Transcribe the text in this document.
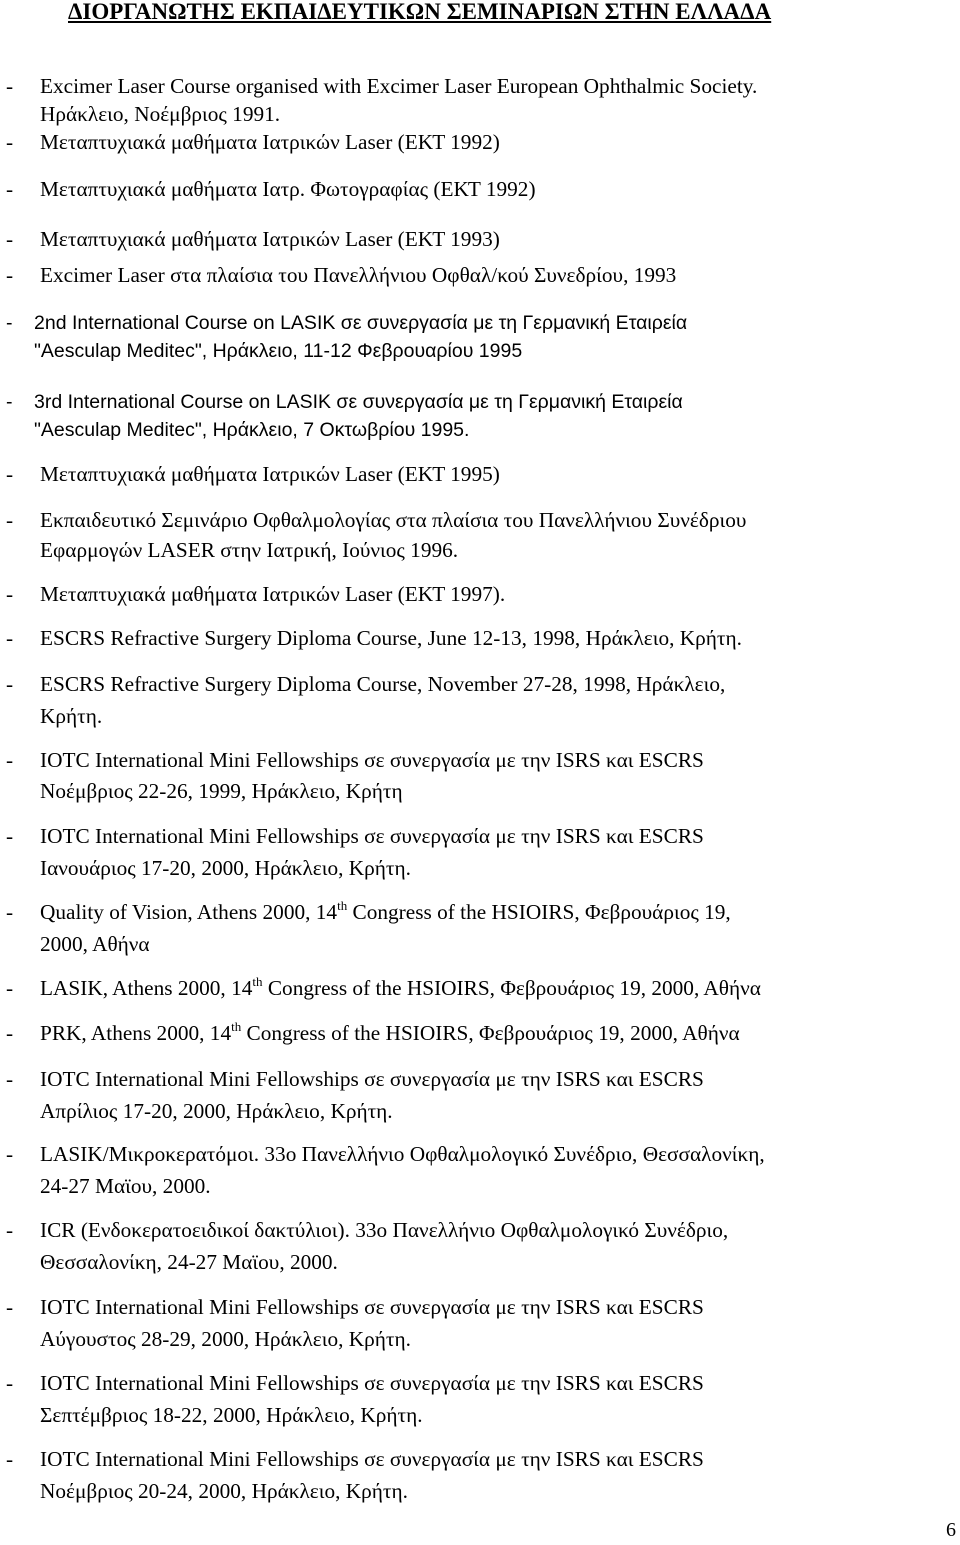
ΔΙΟΡΓΑΝΩΤΗΣ ΕΚΠΑΙΔΕΥΤΙΚΩΝ ΣΕΜΙΝΑΡΙΩΝ ΣΤΗΝ ΕΛΛΑΔΑ
- Excimer Laser Course organised with Excimer Laser European Ophthalmic Society.
Ηράκλειο, Νοέμβριος 1991.
- Μεταπτυχιακά μαθήματα Ιατρικών Laser (ΕΚΤ 1992)
- Μεταπτυχιακά μαθήματα Ιατρ. Φωτογραφίας (ΕΚΤ 1992)
- Μεταπτυχιακά μαθήματα Ιατρικών Laser (ΕΚΤ 1993)
- Excimer Laser στα πλαίσια του Πανελλήνιου Οφθαλ/κού Συνεδρίου, 1993
- 2nd International Course on LASIK σε συνεργασία με τη Γερμανική Εταιρεία
"Aesculap Meditec", Ηράκλειο, 11-12 Φεβρουαρίου 1995
- 3rd International Course on LASIK σε συνεργασία με τη Γερμανική Εταιρεία
"Aesculap Meditec", Ηράκλειο, 7 Οκτωβρίου 1995.
- Μεταπτυχιακά μαθήματα Ιατρικών Laser (ΕΚΤ 1995)
- Εκπαιδευτικό Σεμινάριο Οφθαλμολογίας στα πλαίσια του Πανελλήνιου Συνέδριου
Εφαρμογών LASER στην Ιατρική, Ιούνιος 1996.
- Μεταπτυχιακά μαθήματα Ιατρικών Laser (ΕΚΤ 1997).
- ESCRS Refractive Surgery Diploma Course, June 12-13, 1998, Ηράκλειο, Κρήτη.
- ESCRS Refractive Surgery Diploma Course, November 27-28, 1998, Ηράκλειο,
Κρήτη.
- IOTC International Mini Fellowships σε συνεργασία με την ISRS και ESCRS
Νοέμβριος 22-26, 1999, Ηράκλειο, Κρήτη
- IOTC International Mini Fellowships σε συνεργασία με την ISRS και ESCRS
Ιανουάριος 17-20, 2000, Ηράκλειο, Κρήτη.
- Quality of Vision, Athens 2000, 14th Congress of the HSIOIRS, Φεβρουάριος 19,
2000, Αθήνα
- LASIK, Athens 2000, 14th Congress of the HSIOIRS, Φεβρουάριος 19, 2000, Αθήνα
- PRK, Athens 2000, 14th Congress of the HSIOIRS, Φεβρουάριος 19, 2000, Αθήνα
- IOTC International Mini Fellowships σε συνεργασία με την ISRS και ESCRS
Απρίλιος 17-20, 2000, Ηράκλειο, Κρήτη.
- LASIK/Μικροκερατόμοι. 33ο Πανελλήνιο Οφθαλμολογικό Συνέδριο, Θεσσαλονίκη,
24-27 Μαϊου, 2000.
- ICR (Ενδοκερατοειδικοί δακτύλιοι). 33ο Πανελλήνιο Οφθαλμολογικό Συνέδριο,
Θεσσαλονίκη, 24-27 Μαϊου, 2000.
- IOTC International Mini Fellowships σε συνεργασία με την ISRS και ESCRS
Αύγουστος 28-29, 2000, Ηράκλειο, Κρήτη.
- IOTC International Mini Fellowships σε συνεργασία με την ISRS και ESCRS
Σεπτέμβριος 18-22, 2000, Ηράκλειο, Κρήτη.
- IOTC International Mini Fellowships σε συνεργασία με την ISRS και ESCRS
Νοέμβριος 20-24, 2000, Ηράκλειο, Κρήτη.
6
